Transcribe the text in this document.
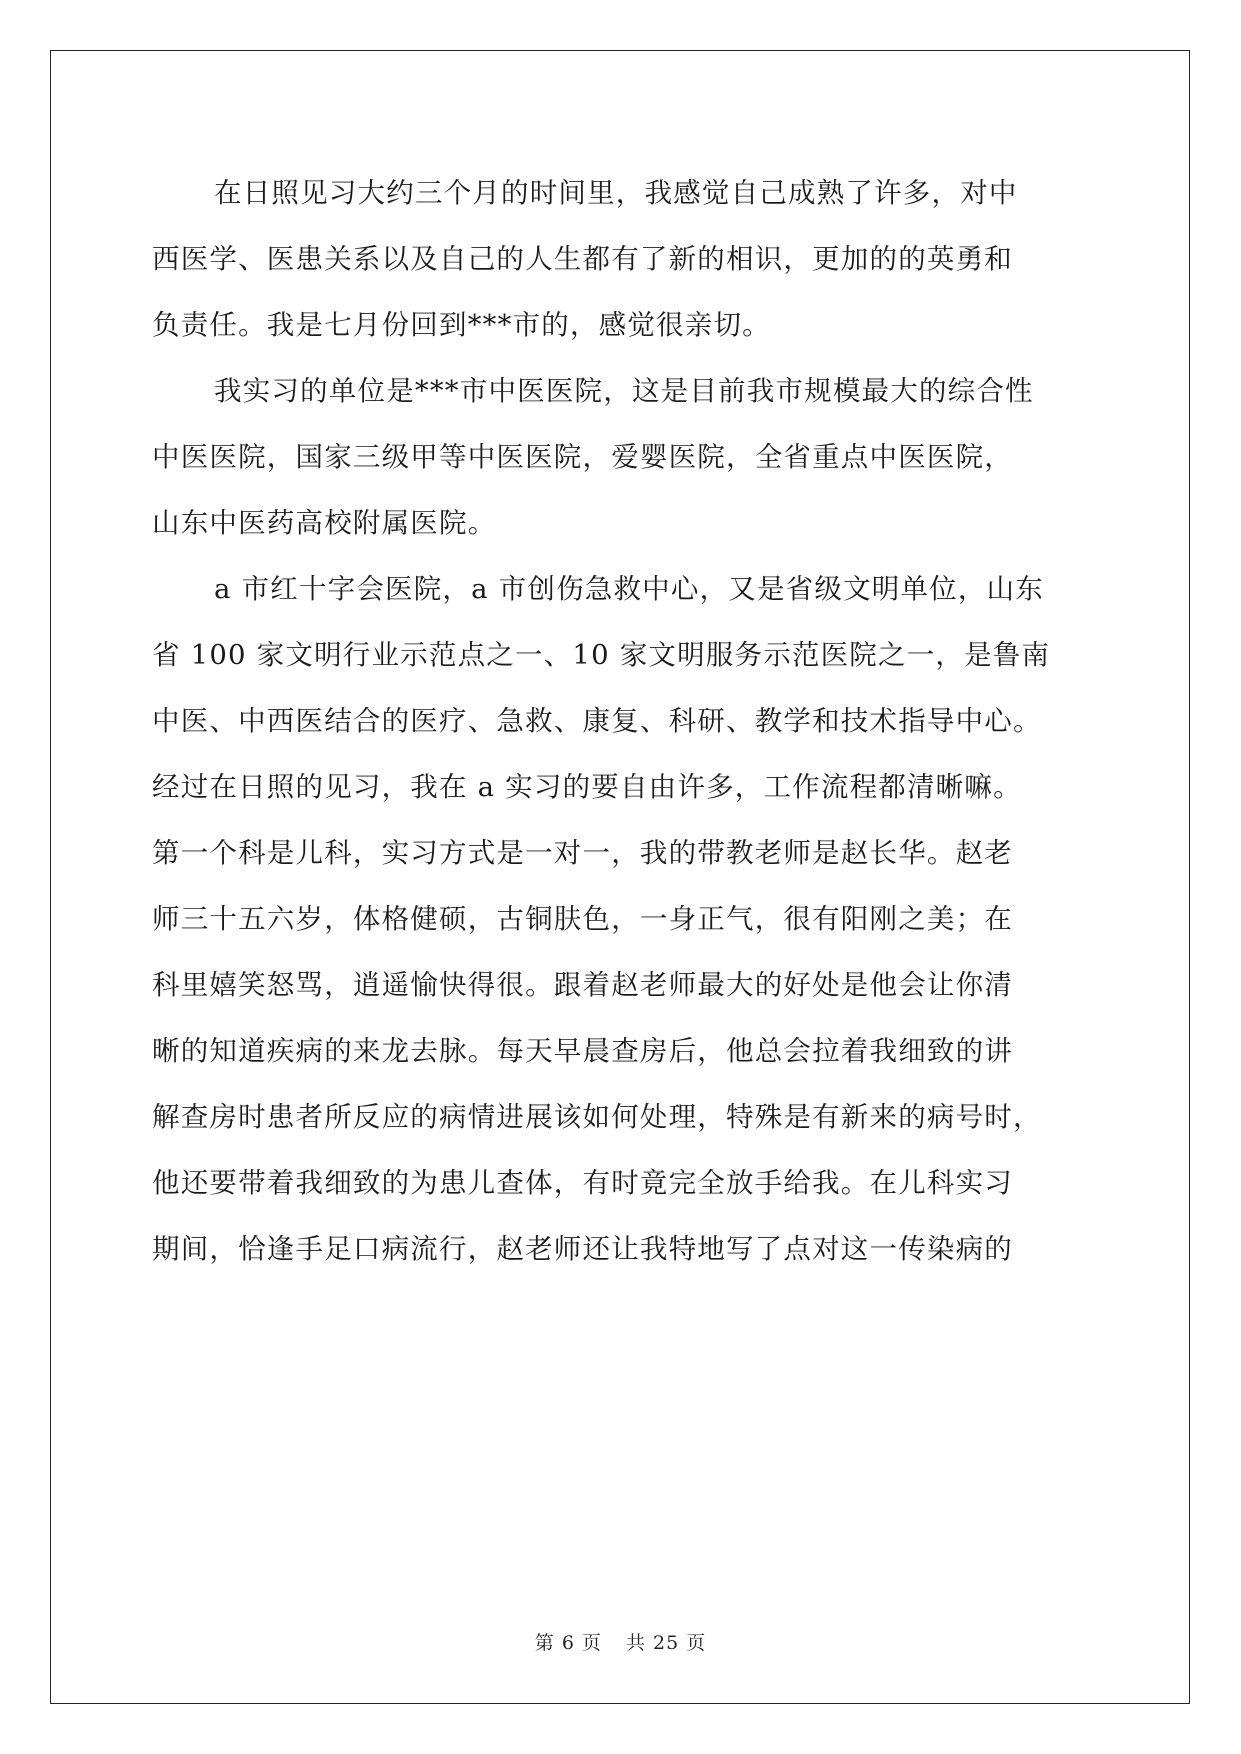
在日照见习大约三个月的时间里，我感觉自己成熟了许多，对中
西医学、医患关系以及自己的人生都有了新的相识，更加的的英勇和
负责任。我是七月份回到***市的，感觉很亲切。
我实习的单位是***市中医医院，这是目前我市规模最大的综合性
中医医院，国家三级甲等中医医院，爱婴医院，全省重点中医医院，
山东中医药高校附属医院。
a 市红十字会医院，a 市创伤急救中心，又是省级文明单位，山东
省 100 家文明行业示范点之一、10 家文明服务示范医院之一，是鲁南
中医、中西医结合的医疗、急救、康复、科研、教学和技术指导中心。
经过在日照的见习，我在 a 实习的要自由许多，工作流程都清晰嘛。
第一个科是儿科，实习方式是一对一，我的带教老师是赵长华。赵老
师三十五六岁，体格健硕，古铜肤色，一身正气，很有阳刚之美；在
科里嬉笑怒骂，逍遥愉快得很。跟着赵老师最大的好处是他会让你清
晰的知道疾病的来龙去脉。每天早晨查房后，他总会拉着我细致的讲
解查房时患者所反应的病情进展该如何处理，特殊是有新来的病号时，
他还要带着我细致的为患儿查体，有时竟完全放手给我。在儿科实习
期间，恰逢手足口病流行，赵老师还让我特地写了点对这一传染病的
第 6 页 共 25 页
